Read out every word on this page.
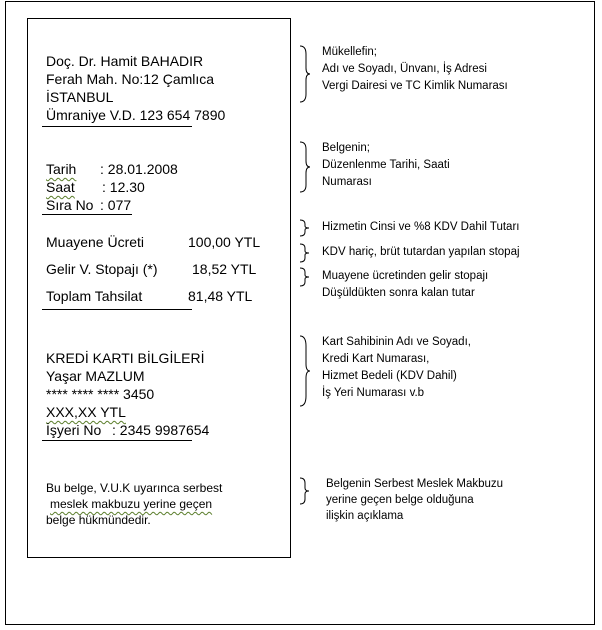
Doç. Dr. Hamit BAHADIR
Ferah Mah. No:12 Çamlıca
İSTANBUL
Ümraniye V.D. 123 654 7890
Tarih : 28.01.2008
Saat : 12.30
Sıra No : 077
Muayene Ücreti	100,00 YTL
Gelir V. Stopajı (*) 18,52 YTL
Toplam Tahsilat	81,48 YTL
KREDİ KARTI BİLGİLERİ
Yaşar MAZLUM
**** **** **** 3450
XXX,XX YTL
İşyeri No : 2345 9987654
Bu belge, V.U.K uyarınca serbest
meslek makbuzu yerine geçen
belge hükmündedir.
Mükellefin;
Adı ve Soyadı, Ünvanı, İş Adresi
Vergi Dairesi ve TC Kimlik Numarası
Belgenin;
Düzenlenme Tarihi, Saati
Numarası
Hizmetin Cinsi ve %8 KDV Dahil Tutarı
KDV hariç, brüt tutardan yapılan stopaj
Muayene ücretinden gelir stopajı
Düşüldükten sonra kalan tutar
Kart Sahibinin Adı ve Soyadı,
Kredi Kart Numarası,
Hizmet Bedeli (KDV Dahil)
İş Yeri Numarası v.b
Belgenin Serbest Meslek Makbuzu
yerine geçen belge olduğuna
ilişkin açıklama
